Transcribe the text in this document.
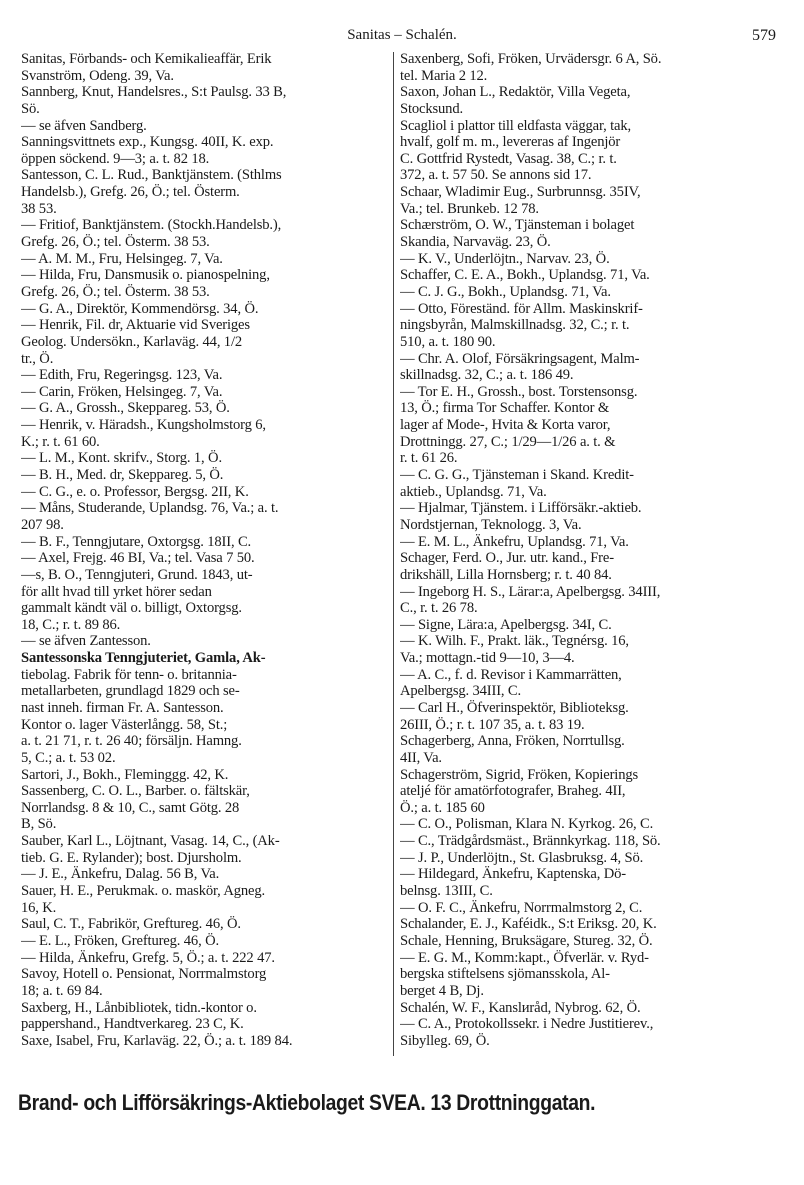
Sanitas – Schalén.	579
Sanitas, Förbands- och Kemikalieaffär, Erik
Svanström, Odeng. 39, Va.
Sannberg, Knut, Handelsres., S:t Paulsg. 33 B,
Sö.
— se äfven Sandberg.
Sanningsvittnets exp., Kungsg. 40II, K. exp.
öppen söckend. 9—3; a. t. 82 18.
Santesson, C. L. Rud., Banktjänstem. (Sthlms
Handelsb.), Grefg. 26, Ö.; tel. Österm.
38 53.
— Fritiof, Banktjänstem. (Stockh.Handelsb.),
Grefg. 26, Ö.; tel. Österm. 38 53.
— A. M. M., Fru, Helsingeg. 7, Va.
— Hilda, Fru, Dansmusik o. pianospelning,
Grefg. 26, Ö.; tel. Österm. 38 53.
— G. A., Direktör, Kommendörsg. 34, Ö.
— Henrik, Fil. dr, Aktuarie vid Sveriges
Geolog. Undersökn., Karlaväg. 44, 1/2
tr., Ö.
— Edith, Fru, Regeringsg. 123, Va.
— Carin, Fröken, Helsingeg. 7, Va.
— G. A., Grossh., Skeppareg. 53, Ö.
— Henrik, v. Häradsh., Kungsholmstorg 6,
K.; r. t. 61 60.
— L. M., Kont. skrifv., Storg. 1, Ö.
— B. H., Med. dr, Skeppareg. 5, Ö.
— C. G., e. o. Professor, Bergsg. 2II, K.
— Måns, Studerande, Uplandsg. 76, Va.; a. t.
207 98.
— B. F., Tenngjutare, Oxtorgsg. 18II, C.
— Axel, Frejg. 46 BI, Va.; tel. Vasa 7 50.
—s, B. O., Tenngjuteri, Grund. 1843, ut-
för allt hvad till yrket hörer sedan
gammalt kändt väl o. billigt, Oxtorgsg.
18, C.; r. t. 89 86.
— se äfven Zantesson.
Santessonska Tenngjuteriet, Gamla, Ak-
tiebolag. Fabrik för tenn- o. britannia-
metallarbeten, grundlagd 1829 och se-
nast inneh. firman Fr. A. Santesson.
Kontor o. lager Västerlångg. 58, St.;
a. t. 21 71, r. t. 26 40; försäljn. Hamng.
5, C.; a. t. 53 02.
Sartori, J., Bokh., Fleminggg. 42, K.
Sassenberg, C. O. L., Barber. o. fältskär,
Norrlandsg. 8 & 10, C., samt Götg. 28
B, Sö.
Sauber, Karl L., Löjtnant, Vasag. 14, C., (Ak-
tieb. G. E. Rylander); bost. Djursholm.
— J. E., Änkefru, Dalag. 56 B, Va.
Sauer, H. E., Perukmak. o. maskör, Agneg.
16, K.
Saul, C. T., Fabrikör, Greftureg. 46, Ö.
— E. L., Fröken, Greftureg. 46, Ö.
— Hilda, Änkefru, Grefg. 5, Ö.; a. t. 222 47.
Savoy, Hotell o. Pensionat, Norrmalmstorg
18; a. t. 69 84.
Saxberg, H., Lånbibliotek, tidn.-kontor o.
pappershand., Handtverkareg. 23 C, K.
Saxe, Isabel, Fru, Karlaväg. 22, Ö.; a. t. 189 84.
Saxenberg, Sofi, Fröken, Urvädersgr. 6 A, Sö.
tel. Maria 2 12.
Saxon, Johan L., Redaktör, Villa Vegeta,
Stocksund.
Scagliol i plattor till eldfasta väggar, tak,
hvalf, golf m. m., levereras af Ingenjör
C. Gottfrid Rystedt, Vasag. 38, C.; r. t.
372, a. t. 57 50. Se annons sid 17.
Schaar, Wladimir Eug., Surbrunnsg. 35IV,
Va.; tel. Brunkeb. 12 78.
Schærström, O. W., Tjänsteman i bolaget
Skandia, Narvaväg. 23, Ö.
— K. V., Underlöjtn., Narvav. 23, Ö.
Schaffer, C. E. A., Bokh., Uplandsg. 71, Va.
— C. J. G., Bokh., Uplandsg. 71, Va.
— Otto, Föreständ. för Allm. Maskinskrif-
ningsbyrån, Malmskillnadsg. 32, C.; r. t.
510, a. t. 180 90.
— Chr. A. Olof, Försäkringsagent, Malm-
skillnadsg. 32, C.; a. t. 186 49.
— Tor E. H., Grossh., bost. Torstensonsg.
13, Ö.; firma Tor Schaffer. Kontor &
lager af Mode-, Hvita & Korta varor,
Drottningg. 27, C.; 1/29—1/26 a. t. &
r. t. 61 26.
— C. G. G., Tjänsteman i Skand. Kredit-
aktieb., Uplandsg. 71, Va.
— Hjalmar, Tjänstem. i Lifförsäkr.-aktieb.
Nordstjernan, Teknologg. 3, Va.
— E. M. L., Änkefru, Uplandsg. 71, Va.
Schager, Ferd. O., Jur. utr. kand., Fre-
drikshäll, Lilla Hornsberg; r. t. 40 84.
— Ingeborg H. S., Lärar:a, Apelbergsg. 34III,
C., r. t. 26 78.
— Signe, Lära:a, Apelbergsg. 34I, C.
— K. Wilh. F., Prakt. läk., Tegnérsg. 16,
Va.; mottagn.-tid 9—10, 3—4.
— A. C., f. d. Revisor i Kammarrätten,
Apelbergsg. 34III, C.
— Carl H., Öfverinspektör, Biblioteksg.
26III, Ö.; r. t. 107 35, a. t. 83 19.
Schagerberg, Anna, Fröken, Norrtullsg.
4II, Va.
Schagerström, Sigrid, Fröken, Kopierings
ateljé för amatörfotografer, Braheg. 4II,
Ö.; a. t. 185 60
— C. O., Polisman, Klara N. Kyrkog. 26, C.
— C., Trädgårdsmäst., Brännkyrkag. 118, Sö.
— J. P., Underlöjtn., St. Glasbruksg. 4, Sö.
— Hildegard, Änkefru, Kaptenska, Dö-
belnsg. 13III, C.
— O. F. C., Änkefru, Norrmalmstorg 2, C.
Schalander, E. J., Kaféidk., S:t Eriksg. 20, K.
Schale, Henning, Bruksägare, Stureg. 32, Ö.
— E. G. M., Komm:kapt., Öfverlär. v. Ryd-
bergska stiftelsens sjömansskola, Al-
berget 4 B, Dj.
Schalén, W. F., Kanslиråd, Nybrog. 62, Ö.
— C. A., Protokollssekr. i Nedre Justitierev.,
Sibylleg. 69, Ö.
Brand- och Lifförsäkrings-Aktiebolaget SVEA. 13 Drottninggatan.
